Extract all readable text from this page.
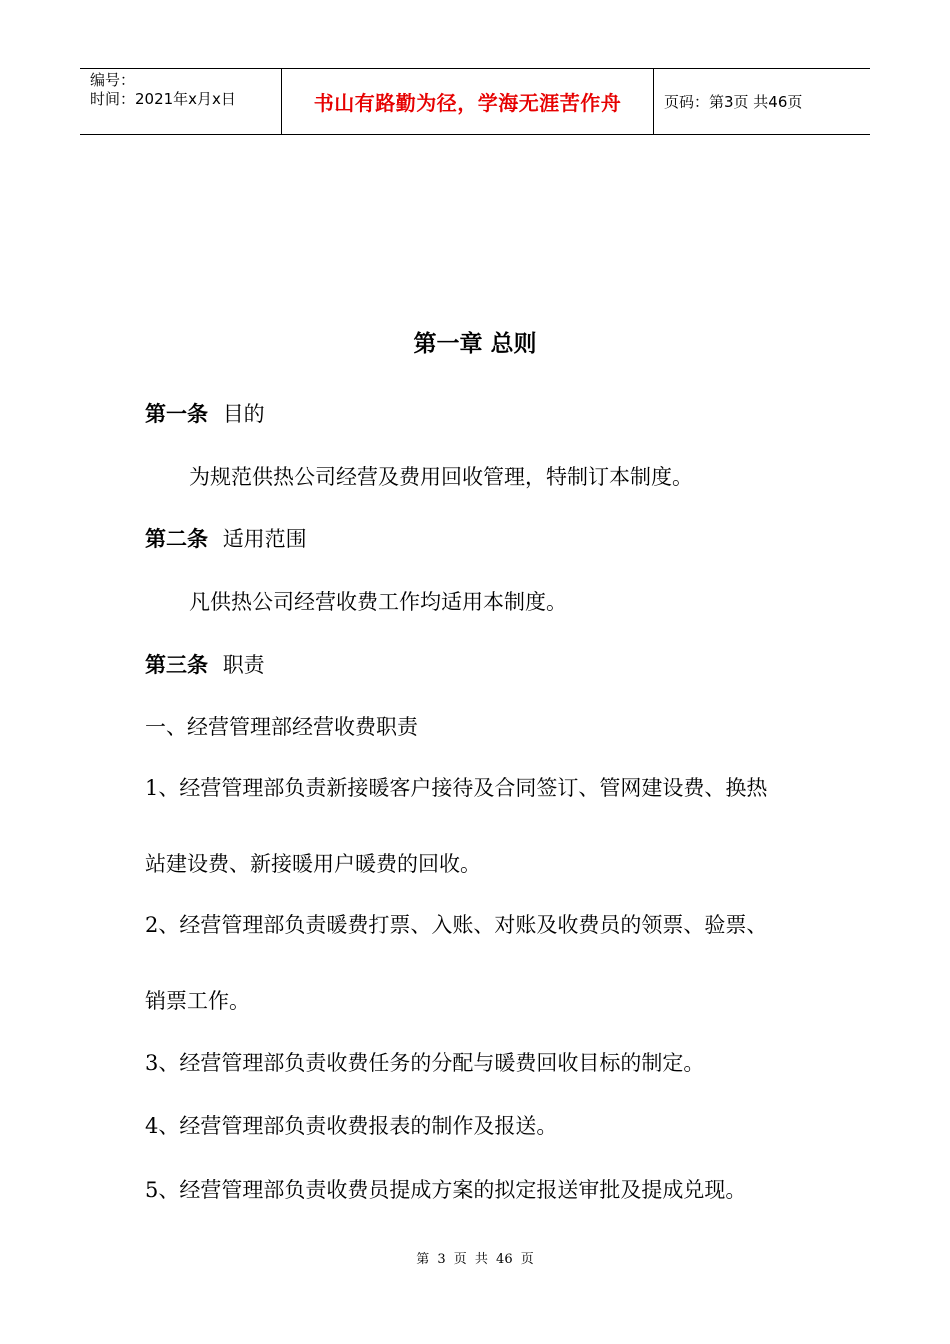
编号：
时间：2021年x月x日	书山有路勤为径，学海无涯苦作舟	页码：第3页 共46页
第一章 总则
第一条 目的
为规范供热公司经营及费用回收管理，特制订本制度。
第二条 适用范围
凡供热公司经营收费工作均适用本制度。
第三条 职责
一、经营管理部经营收费职责
1、经营管理部负责新接暖客户接待及合同签订、管网建设费、换热
站建设费、新接暖用户暖费的回收。
2、经营管理部负责暖费打票、入账、对账及收费员的领票、验票、
销票工作。
3、经营管理部负责收费任务的分配与暖费回收目标的制定。
4、经营管理部负责收费报表的制作及报送。
5、经营管理部负责收费员提成方案的拟定报送审批及提成兑现。
第 3 页 共 46 页
